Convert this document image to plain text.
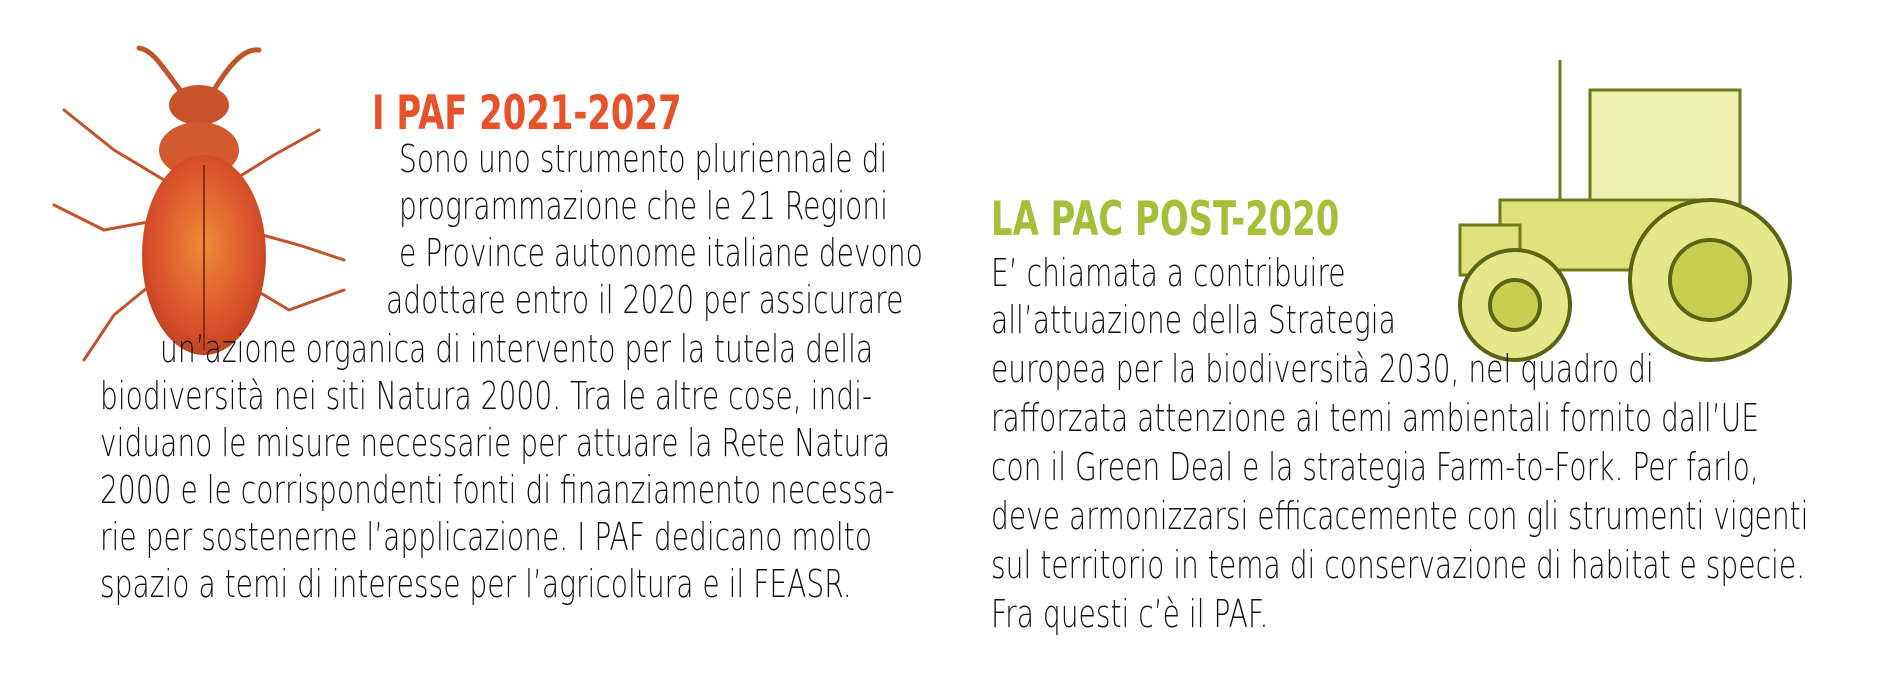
I PAF 2021-2027
LA PAC POST-2020

Sono uno strumento pluriennale di

programmazione che le 21 Regioni

e Province autonome italiane devono

adottare entro il 2020 per assicurare

un’azione organica di intervento per la tutela della

biodiversità nei siti Natura 2000. Tra le altre cose, indi-

viduano le misure necessarie per attuare la Rete Natura

2000 e le corrispondenti fonti di finanziamento necessa-

rie per sostenerne l’applicazione. I PAF dedicano molto

spazio a temi di interesse per l’agricoltura e il FEASR.

E’ chiamata a contribuire

all’attuazione della Strategia

europea per la biodiversità 2030, nel quadro di

rafforzata attenzione ai temi ambientali fornito dall’UE

con il Green Deal e la strategia Farm-to-Fork. Per farlo,

deve armonizzarsi efficacemente con gli strumenti vigenti

sul territorio in tema di conservazione di habitat e specie.

Fra questi c’è il PAF.
